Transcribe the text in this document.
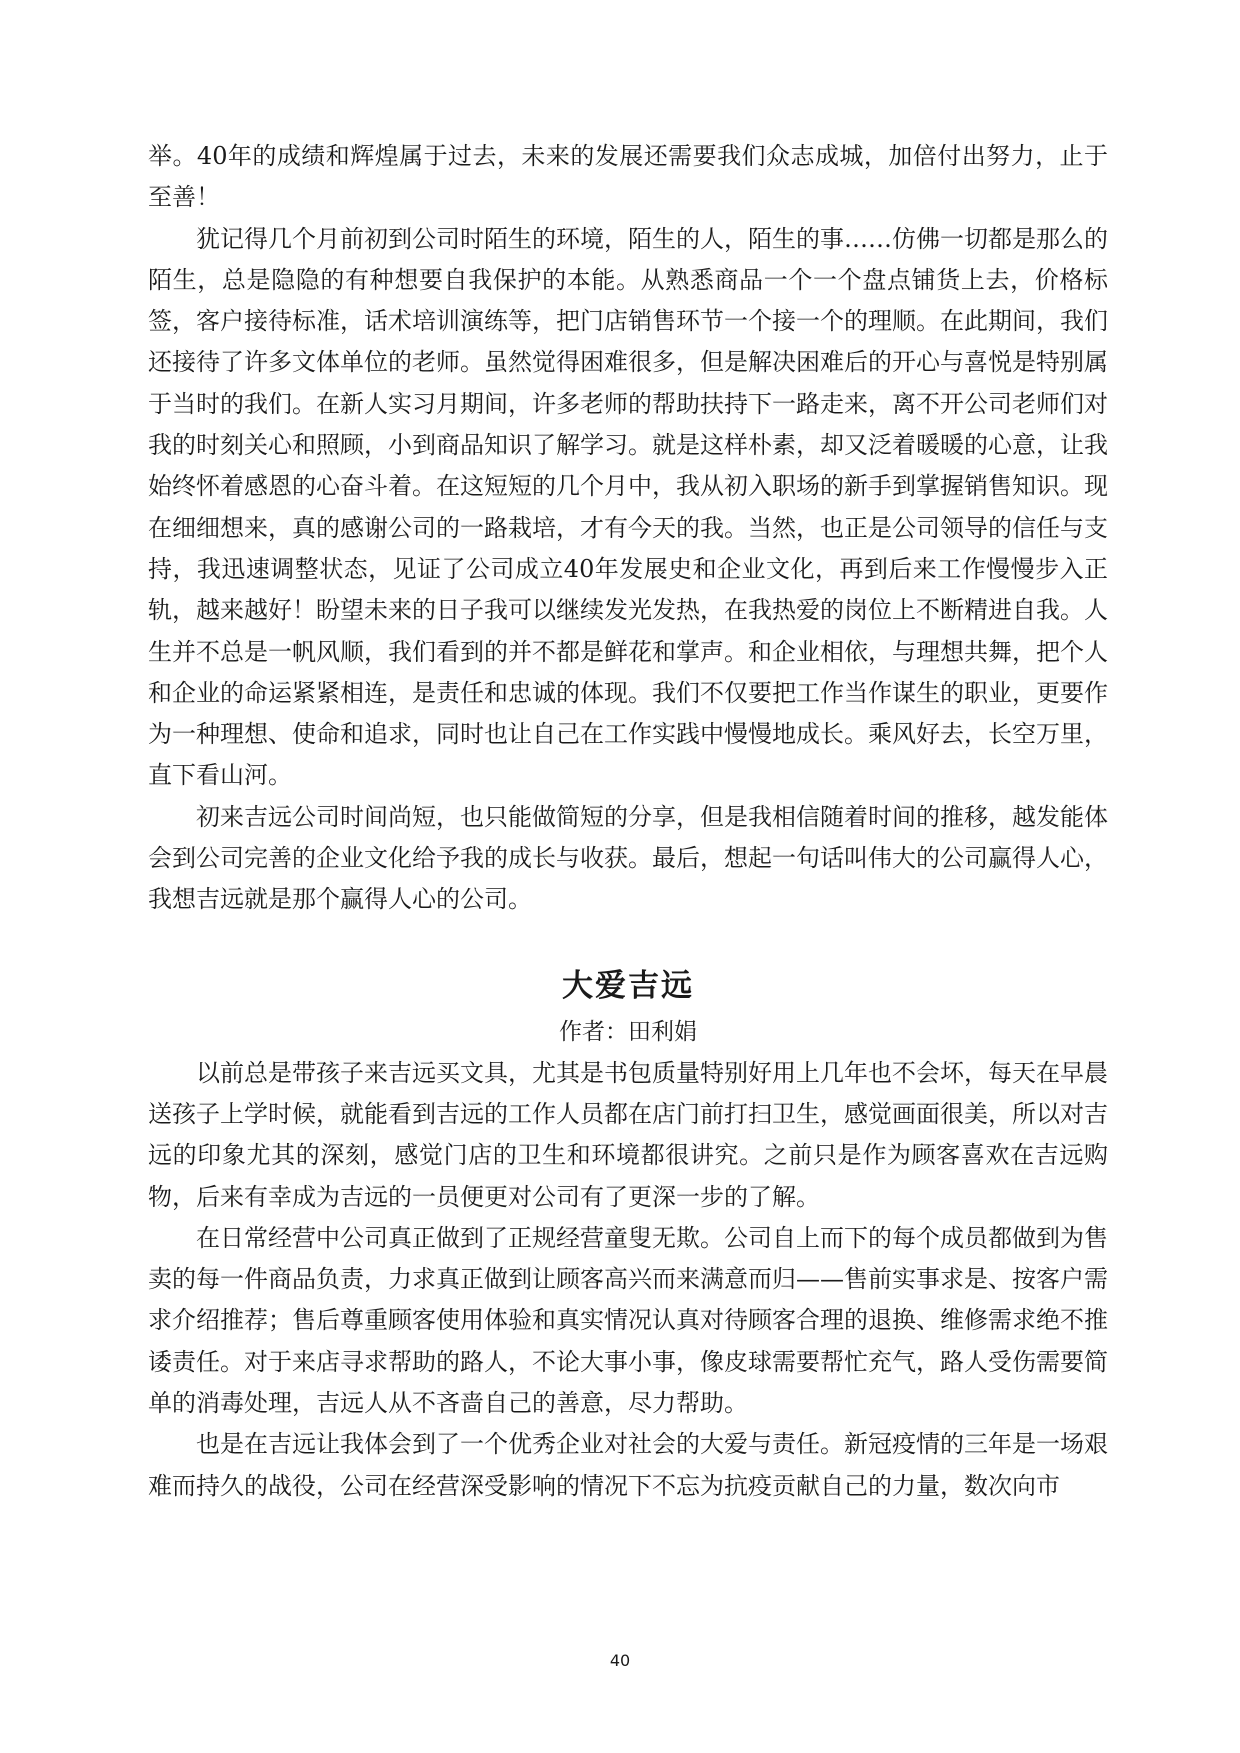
举。40年的成绩和辉煌属于过去，未来的发展还需要我们众志成城，加倍付出努力，止于至善！

犹记得几个月前初到公司时陌生的环境，陌生的人，陌生的事……仿佛一切都是那么的陌生，总是隐隐的有种想要自我保护的本能。从熟悉商品一个一个盘点铺货上去，价格标签，客户接待标准，话术培训演练等，把门店销售环节一个接一个的理顺。在此期间，我们还接待了许多文体单位的老师。虽然觉得困难很多，但是解决困难后的开心与喜悦是特别属于当时的我们。在新人实习月期间，许多老师的帮助扶持下一路走来，离不开公司老师们对我的时刻关心和照顾，小到商品知识了解学习。就是这样朴素，却又泛着暖暖的心意，让我始终怀着感恩的心奋斗着。在这短短的几个月中，我从初入职场的新手到掌握销售知识。现在细细想来，真的感谢公司的一路栽培，才有今天的我。当然，也正是公司领导的信任与支持，我迅速调整状态，见证了公司成立40年发展史和企业文化，再到后来工作慢慢步入正轨，越来越好！盼望未来的日子我可以继续发光发热，在我热爱的岗位上不断精进自我。人生并不总是一帆风顺，我们看到的并不都是鲜花和掌声。和企业相依，与理想共舞，把个人和企业的命运紧紧相连，是责任和忠诚的体现。我们不仅要把工作当作谋生的职业，更要作为一种理想、使命和追求，同时也让自己在工作实践中慢慢地成长。乘风好去，长空万里，直下看山河。

初来吉远公司时间尚短，也只能做简短的分享，但是我相信随着时间的推移，越发能体会到公司完善的企业文化给予我的成长与收获。最后，想起一句话叫伟大的公司赢得人心，我想吉远就是那个赢得人心的公司。

大爱吉远

作者：田利娟

以前总是带孩子来吉远买文具，尤其是书包质量特别好用上几年也不会坏，每天在早晨送孩子上学时候，就能看到吉远的工作人员都在店门前打扫卫生，感觉画面很美，所以对吉远的印象尤其的深刻，感觉门店的卫生和环境都很讲究。之前只是作为顾客喜欢在吉远购物，后来有幸成为吉远的一员便更对公司有了更深一步的了解。

在日常经营中公司真正做到了正规经营童叟无欺。公司自上而下的每个成员都做到为售卖的每一件商品负责，力求真正做到让顾客高兴而来满意而归——售前实事求是、按客户需求介绍推荐；售后尊重顾客使用体验和真实情况认真对待顾客合理的退换、维修需求绝不推诿责任。对于来店寻求帮助的路人，不论大事小事，像皮球需要帮忙充气，路人受伤需要简单的消毒处理，吉远人从不吝啬自己的善意，尽力帮助。

也是在吉远让我体会到了一个优秀企业对社会的大爱与责任。新冠疫情的三年是一场艰难而持久的战役，公司在经营深受影响的情况下不忘为抗疫贡献自己的力量，数次向市

40
